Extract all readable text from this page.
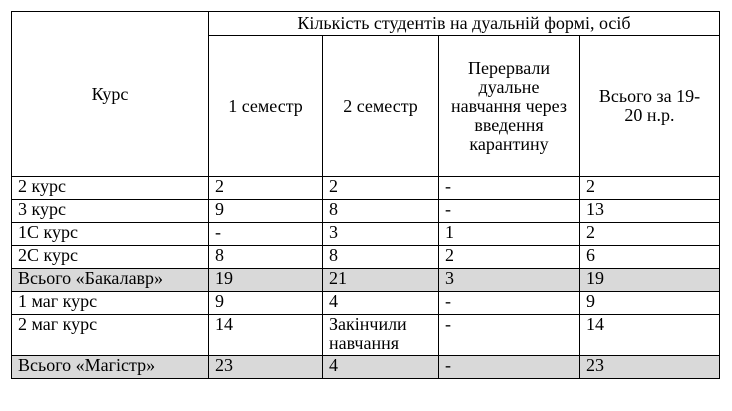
Курс	Кількість студентів на дуальній формі, осіб			
	1 семестр	2 семестр	Перервали дуальне навчання через введення карантину	Всього за 19-20 н.р.
2 курс	2	2	-	2
3 курс	9	8	-	13
1С курс	-	3	1	2
2С курс	8	8	2	6
Всього «Бакалавр»	19	21	3	19
1 маг курс	9	4	-	9
2 маг курс	14	Закінчили навчання	-	14
Всього «Магістр»	23	4	-	23
